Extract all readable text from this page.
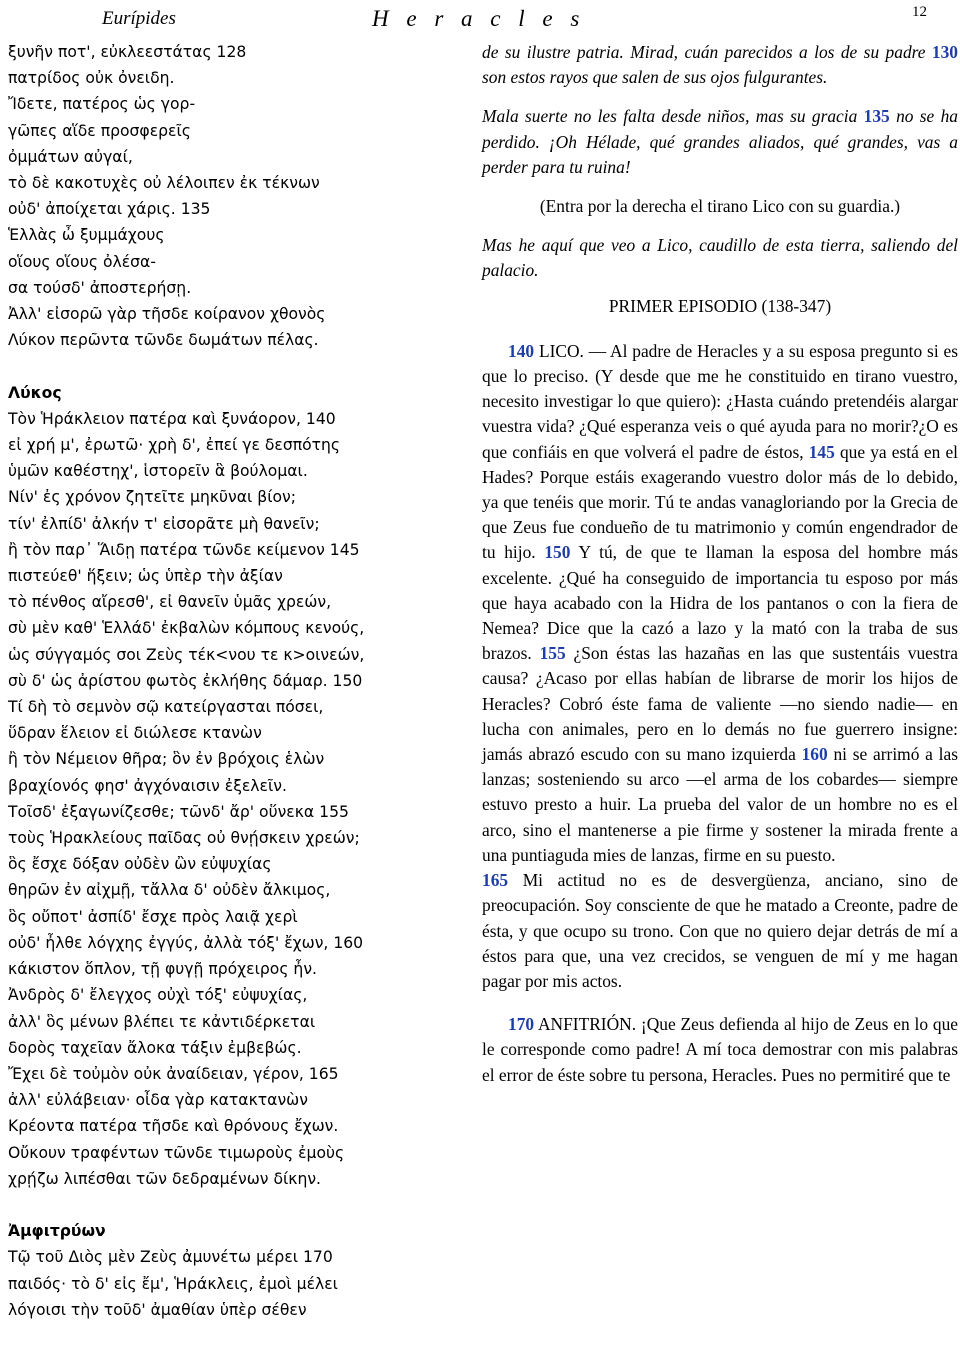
Eurípides	H e r a c l e s	12
ξυνῆν ποτ', εὐκλεεστάτας 128
πατρίδος οὐκ ὀνειδη.
Ἴδετε, πατέρος ὡς γορ-
γῶπες αἵδε προσφερεῖς
ὀμμάτων αὐγαί,
τὸ δὲ κακοτυχὲς οὐ λέλοιπεν ἐκ τέκνων
οὐδ' ἀποίχεται χάρις. 135
Ἑλλὰς ὦ ξυμμάχους
οἵους οἵους ὀλέσα-
σα τούσδ' ἀποστερήσῃ.
Ἀλλ' εἰσορῶ γὰρ τῆσδε κοίρανον χθονὸς
Λύκον περῶντα τῶνδε δωμάτων πέλας.
Λύκος
Τὸν Ἡράκλειον πατέρα καὶ ξυνάορον, 140
εἰ χρή μ', ἐρωτῶ· χρὴ δ', ἐπεί γε δεσπότης
ὑμῶν καθέστηχ', ἱστορεῖν ἃ βούλομαι.
Νίν' ἐς χρόνον ζητεῖτε μηκῦναι βίον;
τίν' ἐλπίδ' ἀλκήν τ' εἰσορᾶτε μὴ θανεῖν;
ἢ τὸν παρ᾽ Ἅιδῃ πατέρα τῶνδε κείμενον 145
πιστεύεθ' ἥξειν; ὡς ὑπὲρ τὴν ἀξίαν
τὸ πένθος αἴρεσθ', εἰ θανεῖν ὑμᾶς χρεών,
σὺ μὲν καθ' Ἑλλάδ' ἐκβαλὼν κόμπους κενούς,
ὡς σύγγαμός σοι Ζεὺς τέκ<νου τε κ>οινεών,
σὺ δ' ὡς ἀρίστου φωτὸς ἐκλήθης δάμαρ. 150
Τί δὴ τὸ σεμνὸν σῷ κατείργασται πόσει,
ὕδραν ἕλειον εἰ διώλεσε κτανὼν
ἢ τὸν Νέμειον θῆρα; ὃν ἐν βρόχοις ἑλὼν
βραχίονός φησ' ἀγχόναισιν ἐξελεῖν.
Τοῖσδ' ἐξαγωνίζεσθε; τῶνδ' ἄρ' οὕνεκα 155
τοὺς Ἡρακλείους παῖδας οὐ θνῄσκειν χρεών;
ὃς ἔσχε δόξαν οὐδὲν ὢν εὐψυχίας
θηρῶν ἐν αἰχμῇ, τἄλλα δ' οὐδὲν ἄλκιμος,
ὃς οὔποτ' ἀσπίδ' ἔσχε πρὸς λαιᾷ χερὶ
οὐδ' ἦλθε λόγχης ἐγγύς, ἀλλὰ τόξ' ἔχων, 160
κάκιστον ὅπλον, τῇ φυγῇ πρόχειρος ἦν.
Ἀνδρὸς δ' ἔλεγχος οὐχὶ τόξ' εὐψυχίας,
ἀλλ' ὃς μένων βλέπει τε κἀντιδέρκεται
δορὸς ταχεῖαν ἄλοκα τάξιν ἐμβεβώς.
Ἔχει δὲ τοὐμὸν οὐκ ἀναίδειαν, γέρον, 165
ἀλλ' εὐλάβειαν· οἶδα γὰρ κατακτανὼν
Κρέοντα πατέρα τῆσδε καὶ θρόνους ἔχων.
Οὔκουν τραφέντων τῶνδε τιμωροὺς ἐμοὺς
χρῄζω λιπέσθαι τῶν δεδραμένων δίκην.
Ἀμφιτρύων
Τῷ τοῦ Διὸς μὲν Ζεὺς ἀμυνέτω μέρει 170
παιδός· τὸ δ' εἰς ἔμ', Ἡράκλεις, ἐμοὶ μέλει
λόγοισι τὴν τοῦδ' ἀμαθίαν ὑπὲρ σέθεν

de su ilustre patria. Mirad, cuán parecidos a los de su padre 130 son estos rayos que salen de sus ojos fulgurantes.

Mala suerte no les falta desde niños, mas su gracia 135 no se ha perdido. ¡Oh Hélade, qué grandes aliados, qué grandes, vas a perder para tu ruina!

(Entra por la derecha el tirano Lico con su guardia.)

Mas he aquí que veo a Lico, caudillo de esta tierra, saliendo del palacio.

PRIMER EPISODIO (138-347)

140 LICO. — Al padre de Heracles y a su esposa pregunto si es que lo preciso. (Y desde que me he constituido en tirano vuestro, necesito investigar lo que quiero): ¿Hasta cuándo pretendéis alargar vuestra vida? ¿Qué esperanza veis o qué ayuda para no morir?¿O es que confiáis en que volverá el padre de éstos, 145 que ya está en el Hades? Porque estáis exagerando vuestro dolor más de lo debido, ya que tenéis que morir. Tú te andas vanagloriando por la Grecia de que Zeus fue condueño de tu matrimonio y común engendrador de tu hijo. 150 Y tú, de que te llaman la esposa del hombre más excelente. ¿Qué ha conseguido de importancia tu esposo por más que haya acabado con la Hidra de los pantanos o con la fiera de Nemea? Dice que la cazó a lazo y la mató con la traba de sus brazos. 155 ¿Son éstas las hazañas en las que sustentáis vuestra causa? ¿Acaso por ellas habían de librarse de morir los hijos de Heracles? Cobró éste fama de valiente —no siendo nadie— en lucha con animales, pero en lo demás no fue guerrero insigne: jamás abrazó escudo con su mano izquierda 160 ni se arrimó a las lanzas; sosteniendo su arco —el arma de los cobardes— siempre estuvo presto a huir. La prueba del valor de un hombre no es el arco, sino el mantenerse a pie firme y sostener la mirada frente a una puntiaguda mies de lanzas, firme en su puesto.

165 Mi actitud no es de desvergüenza, anciano, sino de preocupación. Soy consciente de que he matado a Creonte, padre de ésta, y que ocupo su trono. Con que no quiero dejar detrás de mí a éstos para que, una vez crecidos, se venguen de mí y me hagan pagar por mis actos.

170 ANFITRIÓN. ¡Que Zeus defienda al hijo de Zeus en lo que le corresponde como padre! A mí toca demostrar con mis palabras el error de éste sobre tu persona, Heracles. Pues no permitiré que te
